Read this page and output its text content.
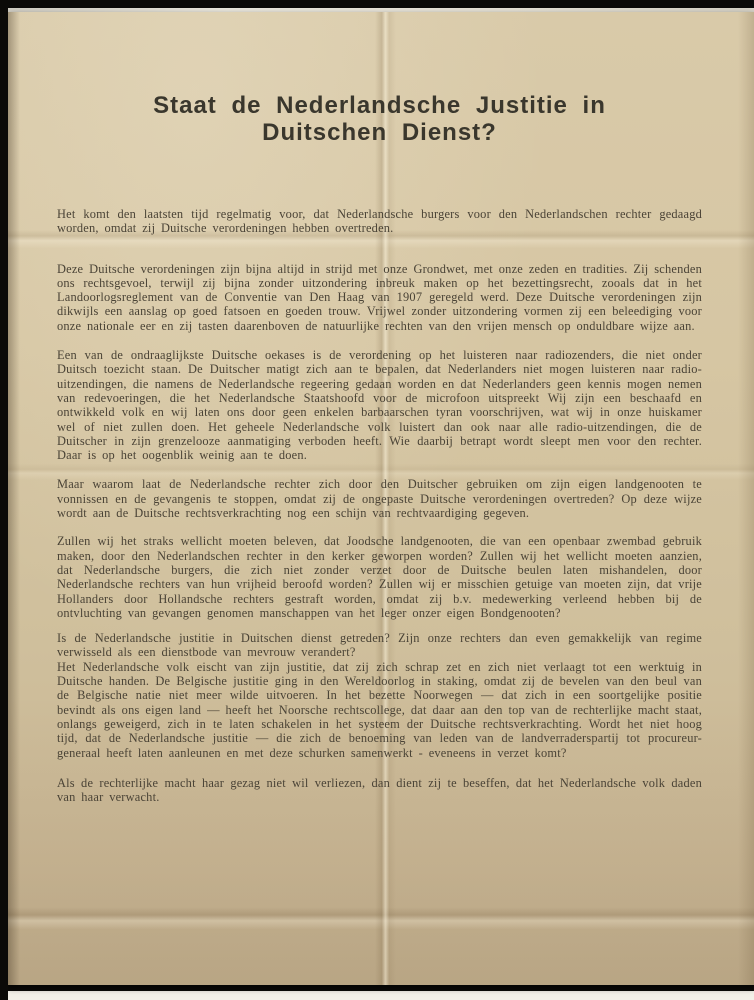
Staat de Nederlandsche Justitie in
Duitschen Dienst?

Het komt den laatsten tijd regelmatig voor, dat Nederlandsche burgers voor den Nederlandschen rechter gedaagd worden, omdat zij Duitsche verordeningen hebben overtreden.

Deze Duitsche verordeningen zijn bijna altijd in strijd met onze Grondwet, met onze zeden en tradities. Zij schenden ons rechtsgevoel, terwijl zij bijna zonder uitzondering inbreuk maken op het bezettingsrecht, zooals dat in het Landoorlogsreglement van de Conventie van Den Haag van 1907 geregeld werd. Deze Duitsche verordeningen zijn dikwijls een aanslag op goed fatsoen en goeden trouw. Vrijwel zonder uitzondering vormen zij een beleediging voor onze nationale eer en zij tasten daarenboven de natuurlijke rechten van den vrijen mensch op onduldbare wijze aan.

Een van de ondraaglijkste Duitsche oekases is de verordening op het luisteren naar radiozenders, die niet onder Duitsch toezicht staan. De Duitscher matigt zich aan te bepalen, dat Nederlanders niet mogen luisteren naar radio-uitzendingen, die namens de Nederlandsche regeering gedaan worden en dat Nederlanders geen kennis mogen nemen van redevoeringen, die het Nederlandsche Staatshoofd voor de microfoon uitspreekt Wij zijn een beschaafd en ontwikkeld volk en wij laten ons door geen enkelen barbaarschen tyran voorschrijven, wat wij in onze huiskamer wel of niet zullen doen. Het geheele Nederlandsche volk luistert dan ook naar alle radio-uitzendingen, die de Duitscher in zijn grenzelooze aanmatiging verboden heeft. Wie daarbij betrapt wordt sleept men voor den rechter. Daar is op het oogenblik weinig aan te doen.

Maar waarom laat de Nederlandsche rechter zich door den Duitscher gebruiken om zijn eigen landgenooten te vonnissen en de gevangenis te stoppen, omdat zij de ongepaste Duitsche verordeningen overtreden? Op deze wijze wordt aan de Duitsche rechtsverkrachting nog een schijn van rechtvaardiging gegeven.

Zullen wij het straks wellicht moeten beleven, dat Joodsche landgenooten, die van een openbaar zwembad gebruik maken, door den Nederlandschen rechter in den kerker geworpen worden? Zullen wij het wellicht moeten aanzien, dat Nederlandsche burgers, die zich niet zonder verzet door de Duitsche beulen laten mishandelen, door Nederlandsche rechters van hun vrijheid beroofd worden? Zullen wij er misschien getuige van moeten zijn, dat vrije Hollanders door Hollandsche rechters gestraft worden, omdat zij b.v. medewerking verleend hebben bij de ontvluchting van gevangen genomen manschappen van het leger onzer eigen Bondgenooten?

Is de Nederlandsche justitie in Duitschen dienst getreden? Zijn onze rechters dan even gemakkelijk van regime verwisseld als een dienstbode van mevrouw verandert?

Het Nederlandsche volk eischt van zijn justitie, dat zij zich schrap zet en zich niet verlaagt tot een werktuig in Duitsche handen. De Belgische justitie ging in den Wereldoorlog in staking, omdat zij de bevelen van den beul van de Belgische natie niet meer wilde uitvoeren. In het bezette Noorwegen — dat zich in een soortgelijke positie bevindt als ons eigen land — heeft het Noorsche rechtscollege, dat daar aan den top van de rechterlijke macht staat, onlangs geweigerd, zich in te laten schakelen in het systeem der Duitsche rechtsverkrachting. Wordt het niet hoog tijd, dat de Nederlandsche justitie — die zich de benoeming van leden van de landverraderspartij tot procureur-generaal heeft laten aanleunen en met deze schurken samenwerkt - eveneens in verzet komt?

Als de rechterlijke macht haar gezag niet wil verliezen, dan dient zij te beseffen, dat het Nederlandsche volk daden van haar verwacht.
